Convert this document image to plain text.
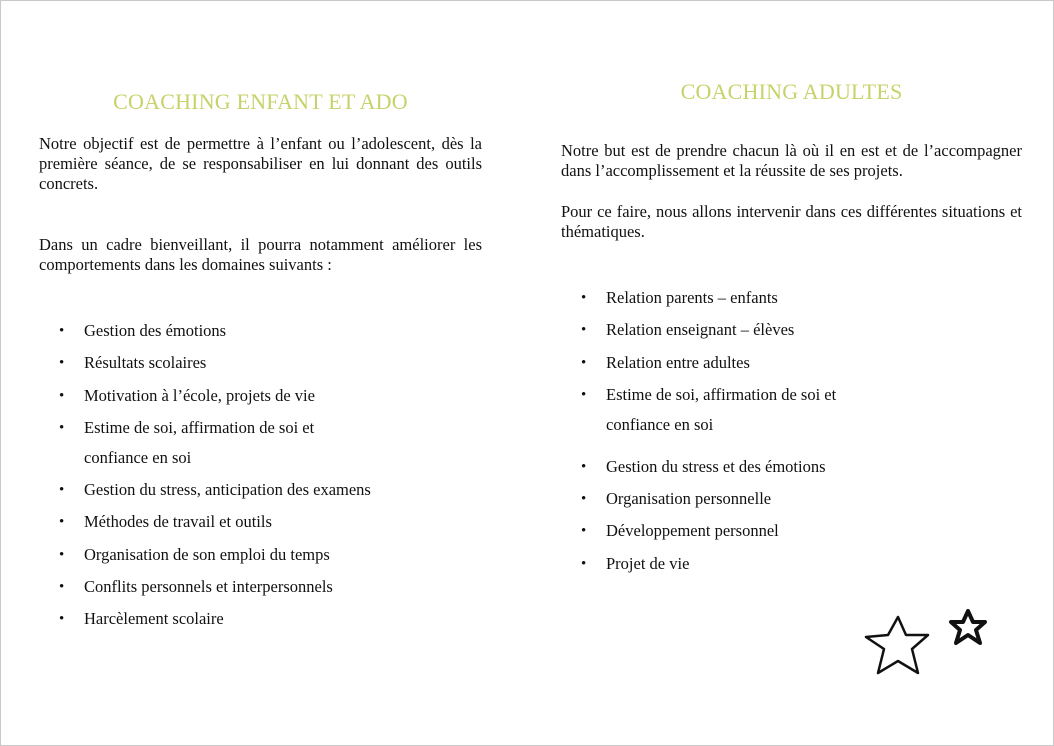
COACHING ENFANT ET ADO

Notre objectif est de permettre à l’enfant ou l’adolescent, dès la première séance, de se responsabiliser en lui donnant des outils concrets.

Dans un cadre bienveillant, il pourra notamment améliorer les comportements dans les domaines suivants :

• Gestion des émotions
• Résultats scolaires
• Motivation à l’école, projets de vie
• Estime de soi, affirmation de soi et confiance en soi
• Gestion du stress, anticipation des examens
• Méthodes de travail et outils
• Organisation de son emploi du temps
• Conflits personnels et interpersonnels
• Harcèlement scolaire
COACHING ADULTES

Notre but est de prendre chacun là où il en est et de l’accompagner dans l’accomplissement et la réussite de ses projets.

Pour ce faire, nous allons intervenir dans ces différentes situations et thématiques.

• Relation parents – enfants
• Relation enseignant – élèves
• Relation entre adultes
• Estime de soi, affirmation de soi et confiance en soi
• Gestion du stress et des émotions
• Organisation personnelle
• Développement personnel
• Projet de vie
